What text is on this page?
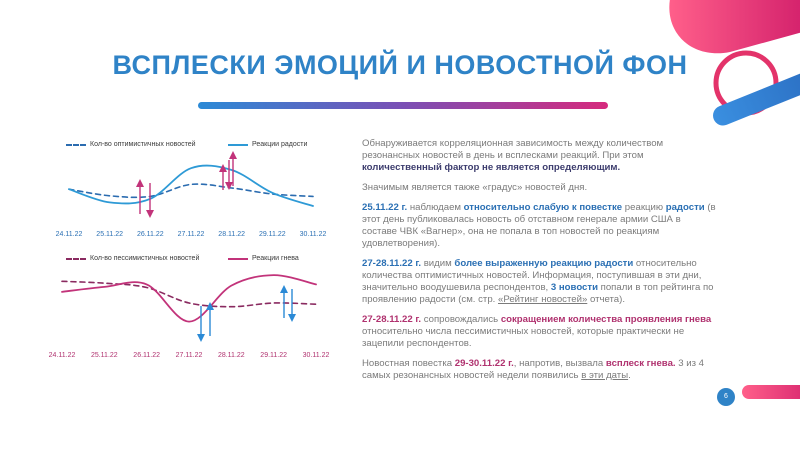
ВСПЛЕСКИ ЭМОЦИЙ И НОВОСТНОЙ ФОН
Кол-во оптимистичных новостей	Реакции радости
Кол-во пессимистичных новостей	Реакции гнева
24.11.22 25.11.22 26.11.22 27.11.22 28.11.22 29.11.22 30.11.22
24.11.22 25.11.22 26.11.22 27.11.22 28.11.22 29.11.22 30.11.22

Обнаруживается корреляционная зависимость между количеством резонансных новостей в день и всплесками реакций. При этом количественный фактор не является определяющим.

Значимым является также «градус» новостей дня.

25.11.22 г. наблюдаем относительно слабую к повестке реакцию радости (в этот день публиковалась новость об отставном генерале армии США в составе ЧВК «Вагнер», она не попала в топ новостей по реакциям удовлетворения).

27-28.11.22 г. видим более выраженную реакцию радости относительно количества оптимистичных новостей. Информация, поступившая в эти дни, значительно воодушевила респондентов, 3 новости попали в топ рейтинга по проявлению радости (см. стр. «Рейтинг новостей» отчета).

27-28.11.22 г. сопровождались сокращением количества проявления гнева относительно числа пессимистичных новостей, которые практически не зацепили респондентов.

Новостная повестка 29-30.11.22 г., напротив, вызвала всплеск гнева. 3 из 4 самых резонансных новостей недели появились в эти даты.

6
